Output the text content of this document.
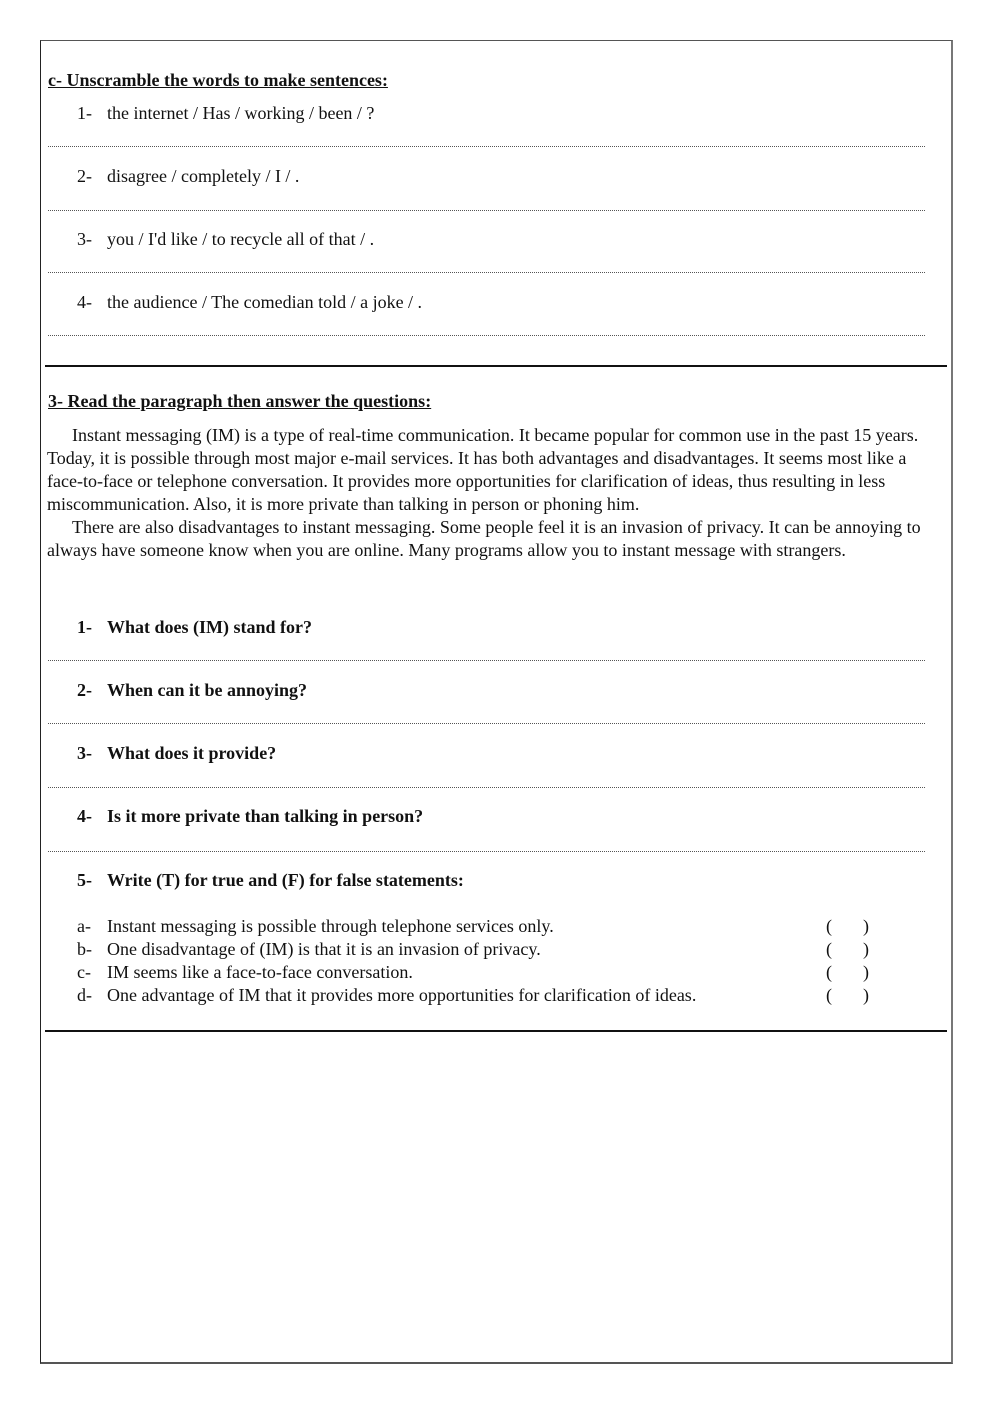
c- Unscramble the words to make sentences:
1- the internet / Has / working / been / ?
2- disagree / completely / I / .
3- you / I'd like / to recycle all of that / .
4- the audience / The comedian told / a joke / .
3- Read the paragraph then answer the questions:

Instant messaging (IM) is a type of real-time communication. It became popular for common use in the past 15 years. Today, it is possible through most major e-mail services. It has both advantages and disadvantages. It seems most like a face-to-face or telephone conversation. It provides more opportunities for clarification of ideas, thus resulting in less miscommunication. Also, it is more private than talking in person or phoning him.

There are also disadvantages to instant messaging. Some people feel it is an invasion of privacy. It can be annoying to always have someone know when you are online. Many programs allow you to instant message with strangers.

1- What does (IM) stand for?
2- When can it be annoying?
3- What does it provide?
4- Is it more private than talking in person?
5- Write (T) for true and (F) for false statements:
a- Instant messaging is possible through telephone services only.	( )
b- One disadvantage of (IM) is that it is an invasion of privacy.	( )
c- IM seems like a face-to-face conversation.	( )
d- One advantage of IM that it provides more opportunities for clarification of ideas.	( )
